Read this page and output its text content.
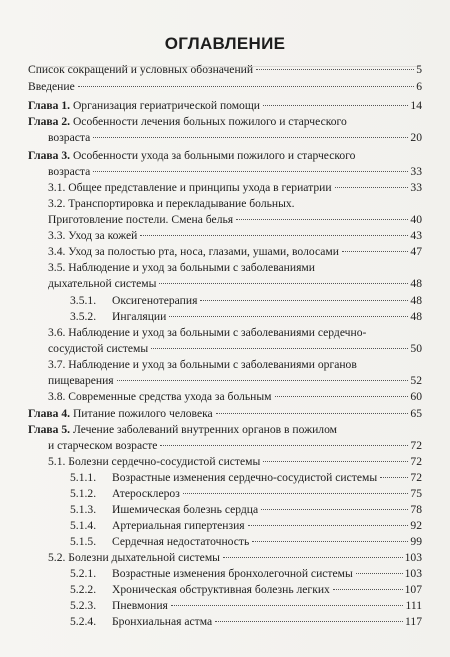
ОГЛАВЛЕНИЕ
Список сокращений и условных обозначений	5
Введение	6
Глава 1. Организация гериатрической помощи	14
Глава 2. Особенности лечения больных пожилого и старческого
возраста	20
Глава 3. Особенности ухода за больными пожилого и старческого
возраста	33
3.1. Общее представление и принципы ухода в гериатрии	33
3.2. Транспортировка и перекладывание больных.
Приготовление постели. Смена белья	40
3.3. Уход за кожей	43
3.4. Уход за полостью рта, носа, глазами, ушами, волосами	47
3.5. Наблюдение и уход за больными с заболеваниями
дыхательной системы	48
3.5.1. Оксигенотерапия	48
3.5.2. Ингаляции	48
3.6. Наблюдение и уход за больными с заболеваниями сердечно-
сосудистой системы	50
3.7. Наблюдение и уход за больными с заболеваниями органов
пищеварения	52
3.8. Современные средства ухода за больным	60
Глава 4. Питание пожилого человека	65
Глава 5. Лечение заболеваний внутренних органов в пожилом
и старческом возрасте	72
5.1. Болезни сердечно-сосудистой системы	72
5.1.1. Возрастные изменения сердечно-сосудистой системы	72
5.1.2. Атеросклероз	75
5.1.3. Ишемическая болезнь сердца	78
5.1.4. Артериальная гипертензия	92
5.1.5. Сердечная недостаточность	99
5.2. Болезни дыхательной системы	103
5.2.1. Возрастные изменения бронхолегочной системы	103
5.2.2. Хроническая обструктивная болезнь легких	107
5.2.3. Пневмония	111
5.2.4. Бронхиальная астма	117
